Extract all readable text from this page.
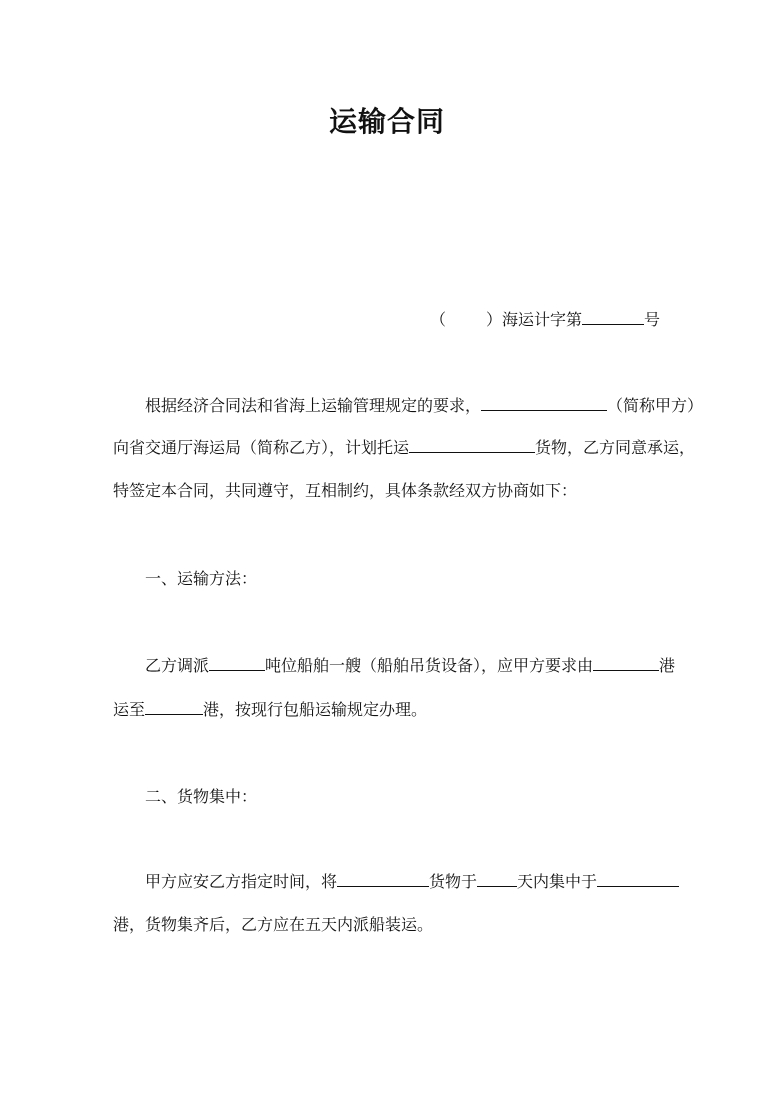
运输合同
（	）海运计字第	号
根据经济合同法和省海上运输管理规定的要求，	（简称甲方）
向省交通厅海运局（简称乙方），计划托运	货物，乙方同意承运，
特签定本合同，共同遵守，互相制约，具体条款经双方协商如下：
一、运输方法：
乙方调派	吨位船舶一艘（船舶吊货设备），应甲方要求由	港
运至	港，按现行包船运输规定办理。
二、货物集中：
甲方应安乙方指定时间，将	货物于	天内集中于
港，货物集齐后，乙方应在五天内派船装运。
